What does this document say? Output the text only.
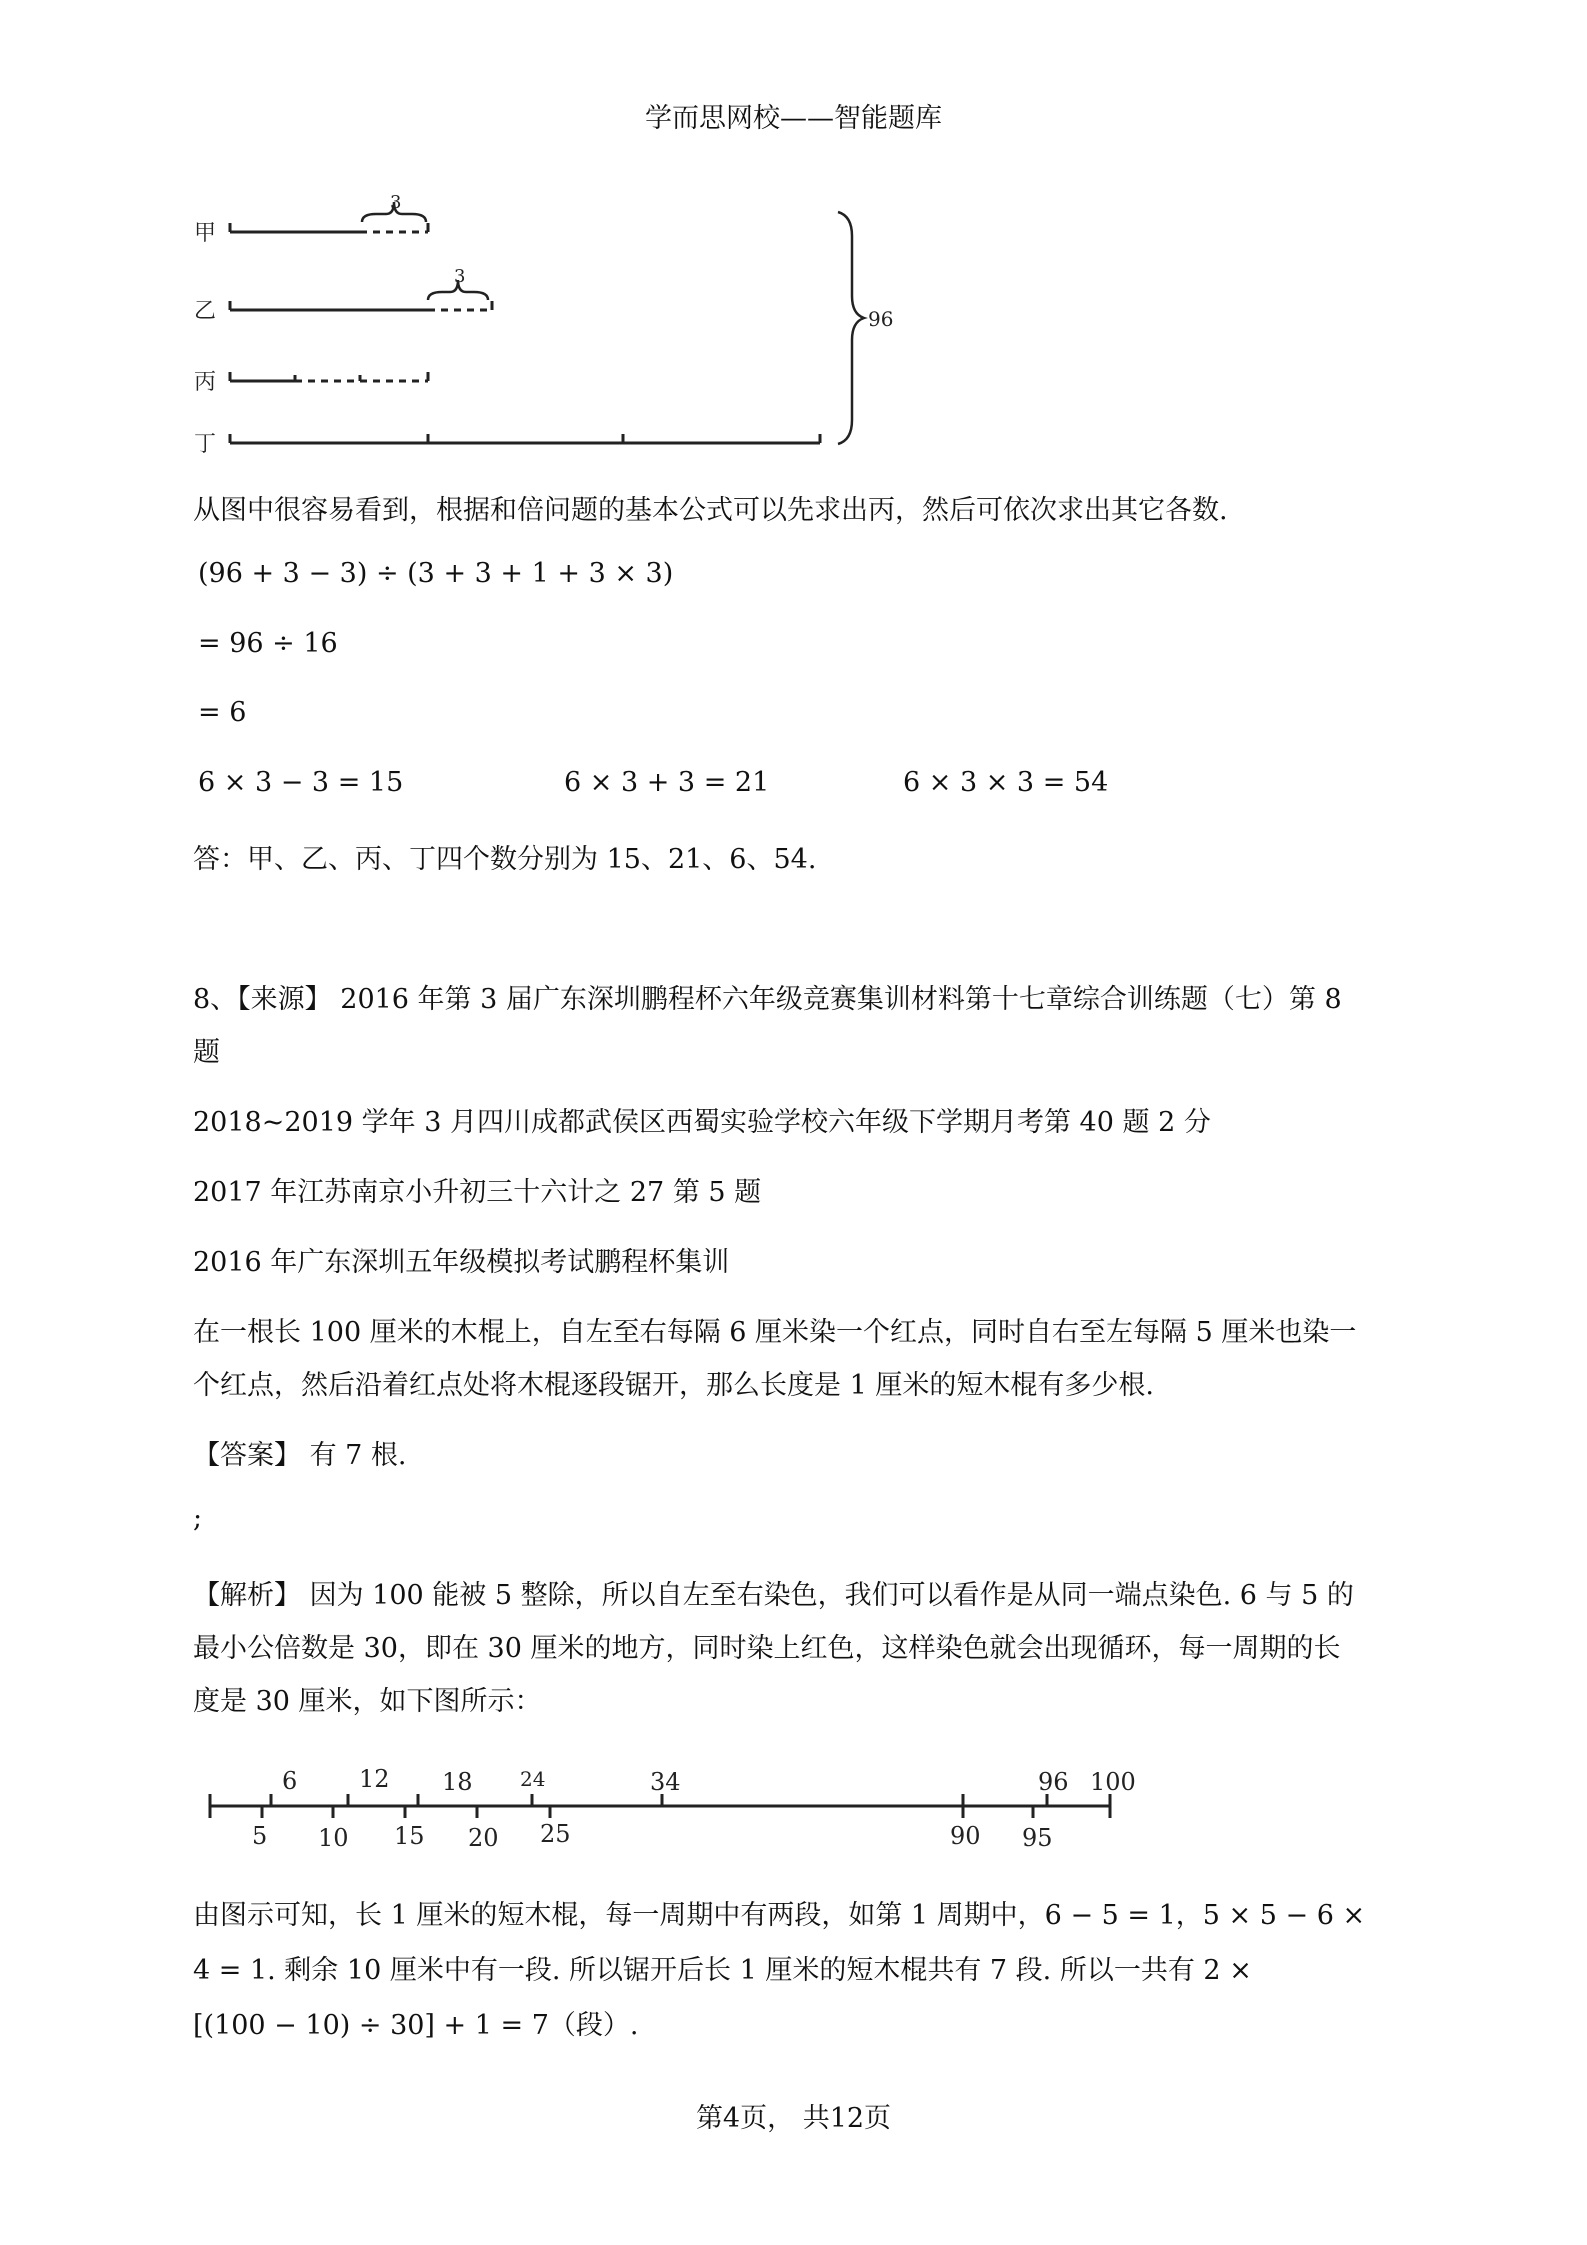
学而思网校——智能题库
甲
乙
丙
丁
3
3
96
从图中很容易看到，根据和倍问题的基本公式可以先求出丙，然后可依次求出其它各数.
(96 + 3 − 3) ÷ (3 + 3 + 1 + 3 × 3)
= 96 ÷ 16
= 6
6 × 3 − 3 = 15	6 × 3 + 3 = 21	6 × 3 × 3 = 54
答：甲、乙、丙、丁四个数分别为 15、21、6、54.
8、【来源】 2016 年第 3 届广东深圳鹏程杯六年级竞赛集训材料第十七章综合训练题（七）第 8
题
2018~2019 学年 3 月四川成都武侯区西蜀实验学校六年级下学期月考第 40 题 2 分
2017 年江苏南京小升初三十六计之 27 第 5 题
2016 年广东深圳五年级模拟考试鹏程杯集训
在一根长 100 厘米的木棍上，自左至右每隔 6 厘米染一个红点，同时自右至左每隔 5 厘米也染一
个红点，然后沿着红点处将木棍逐段锯开，那么长度是 1 厘米的短木棍有多少根.
【答案】 有 7 根.
;
【解析】 因为 100 能被 5 整除，所以自左至右染色，我们可以看作是从同一端点染色. 6 与 5 的
最小公倍数是 30，即在 30 厘米的地方，同时染上红色，这样染色就会出现循环，每一周期的长
度是 30 厘米，如下图所示：
6	12 18 24	34	96 100
5 10 15 20 25	90 95
由图示可知，长 1 厘米的短木棍，每一周期中有两段，如第 1 周期中，6 − 5 = 1，5 × 5 − 6 ×
4 = 1. 剩余 10 厘米中有一段. 所以锯开后长 1 厘米的短木棍共有 7 段. 所以一共有 2 ×
[(100 − 10) ÷ 30] + 1 = 7（段）.
第4页， 共12页
